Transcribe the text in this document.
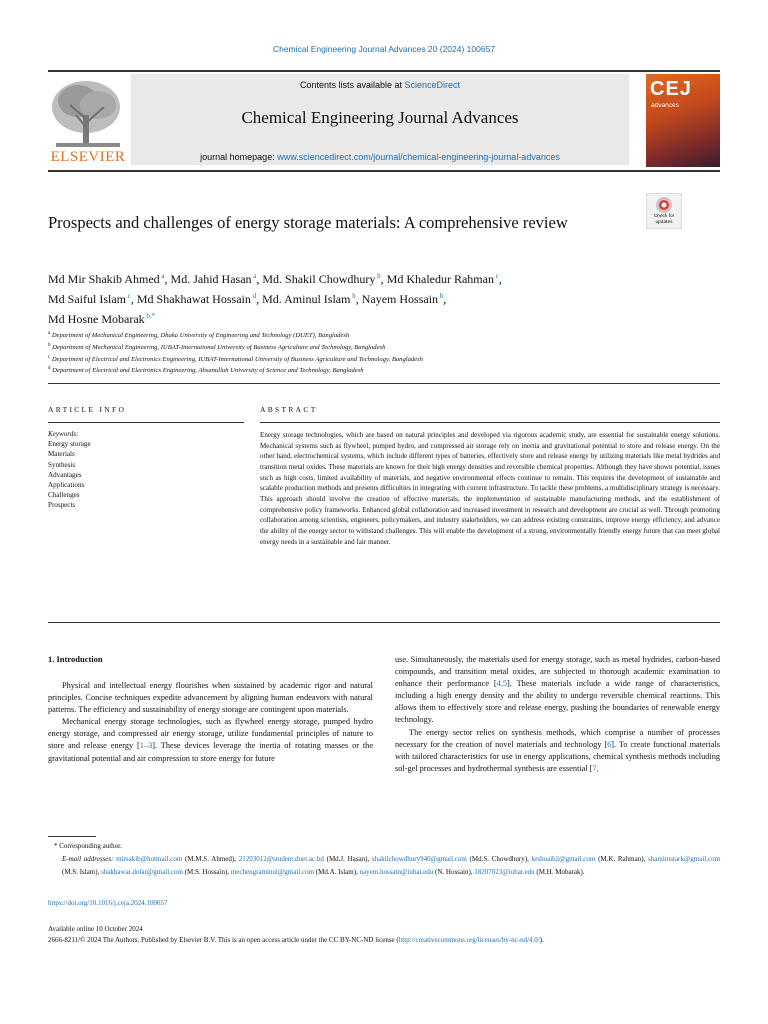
Chemical Engineering Journal Advances 20 (2024) 100657
ELSEVIER
Contents lists available at ScienceDirect
Chemical Engineering Journal Advances
journal homepage: www.sciencedirect.com/journal/chemical-engineering-journal-advances
CEJ
advances
Prospects and challenges of energy storage materials: A comprehensive review	Check for updates
Md Mir Shakib Ahmed $^a$, Md. Jahid Hasan $^a$, Md. Shakil Chowdhury $^b$, Md Khaledur Rahman $^c$,
Md Saiful Islam $^c$, Md Shakhawat Hossain $^d$, Md. Aminul Islam $^b$, Nayem Hossain $^b$,
Md Hosne Mobarak $^{b,*}$
$^a$ Department of Mechanical Engineering, Dhaka University of Engineering and Technology (DUET), Bangladesh
$^b$ Department of Mechanical Engineering, IUBAT-International University of Business Agriculture and Technology, Bangladesh
$^c$ Department of Electrical and Electronics Engineering, IUBAT-International University of Business Agriculture and Technology, Bangladesh
$^d$ Department of Electrical and Electronics Engineering, Ahsanullah University of Science and Technology, Bangladesh
ARTICLE INFO	ABSTRACT
Keywords:
Energy storage
Materials
Synthesis
Advantages
Applications
Challenges
Prospects
Energy storage technologies, which are based on natural principles and developed via rigorous academic study, are essential for sustainable energy solutions. Mechanical systems such as flywheel, pumped hydro, and compressed air storage rely on inertia and gravitational potential to store and release energy. On the other hand, electrochemical systems, which include different types of batteries, effectively store and release energy by utilizing materials like metal hydrides and transition metal oxides. These materials are known for their high energy densities and reversible chemical properties. Although they have shown potential, issues such as high costs, limited availability of materials, and negative environmental effects continue to remain. This requires the development of sustainable and scalable production methods and presents difficulties in integrating with current infrastructure. To tackle these problems, a multidisciplinary strategy is necessary. This approach should involve the creation of effective materials, the implementation of sustainable manufacturing methods, and the establishment of comprehensive policy frameworks. Enhanced global collaboration and increased investment in research and development are crucial as well. Through promoting collaboration among scientists, engineers, policymakers, and industry stakeholders, we can address existing constraints, improve energy efficiency, and advance the ability of the energy sector to withstand challenges. This will enable the development of a strong, environmentally friendly energy future that can meet global energy needs in a sustainable and fair manner.
1. Introduction

Physical and intellectual energy flourishes when sustained by academic rigor and natural principles. Concise techniques expedite advancement by aligning human endeavors with natural patterns. The efficiency and sustainability of energy storage are contingent upon materials.

Mechanical energy storage technologies, such as flywheel energy storage, pumped hydro energy storage, and compressed air energy storage, utilize fundamental principles of nature to store and release energy [1–3]. These devices leverage the inertia of rotating masses or the gravitational potential and air compression to store energy for future

use. Simultaneously, the materials used for energy storage, such as metal hydrides, carbon-based compounds, and transition metal oxides, are subjected to thorough academic examination to enhance their performance [4,5]. These materials include a wide range of characteristics, including a high energy density and the ability to undergo reversible chemical reactions. This allows them to effectively store and release energy, pushing the boundaries of renewable energy technology.

The energy sector relies on synthesis methods, which comprise a number of processes necessary for the creation of novel materials and technology [6]. To create functional materials with tailored characteristics for use in energy applications, chemical synthesis methods including sol-gel processes and hydrothermal synthesis are essential [7,

* Corresponding author.
E-mail addresses: mirsakib@hotmail.com (M.M.S. Ahmed), 21203012@student.duet.ac.bd (Md.J. Hasan), shakilchowdhury940@gmail.com (Md.S. Chowdhury), krshoaib2@gmail.com (M.K. Rahman), shamimstark@gmail.com (M.S. Islam), shakhawat.dolar@gmail.com (M.S. Hossain), mechengraminul@gmail.com (Md.A. Islam), nayem.hossain@iubat.edu (N. Hossain), 18207023@iubat.edu (M.H. Mobarak).
https://doi.org/10.1016/j.ceja.2024.100657
Available online 10 October 2024
2666-8211/© 2024 The Authors. Published by Elsevier B.V. This is an open access article under the CC BY-NC-ND license (http://creativecommons.org/licenses/by-nc-nd/4.0/).
